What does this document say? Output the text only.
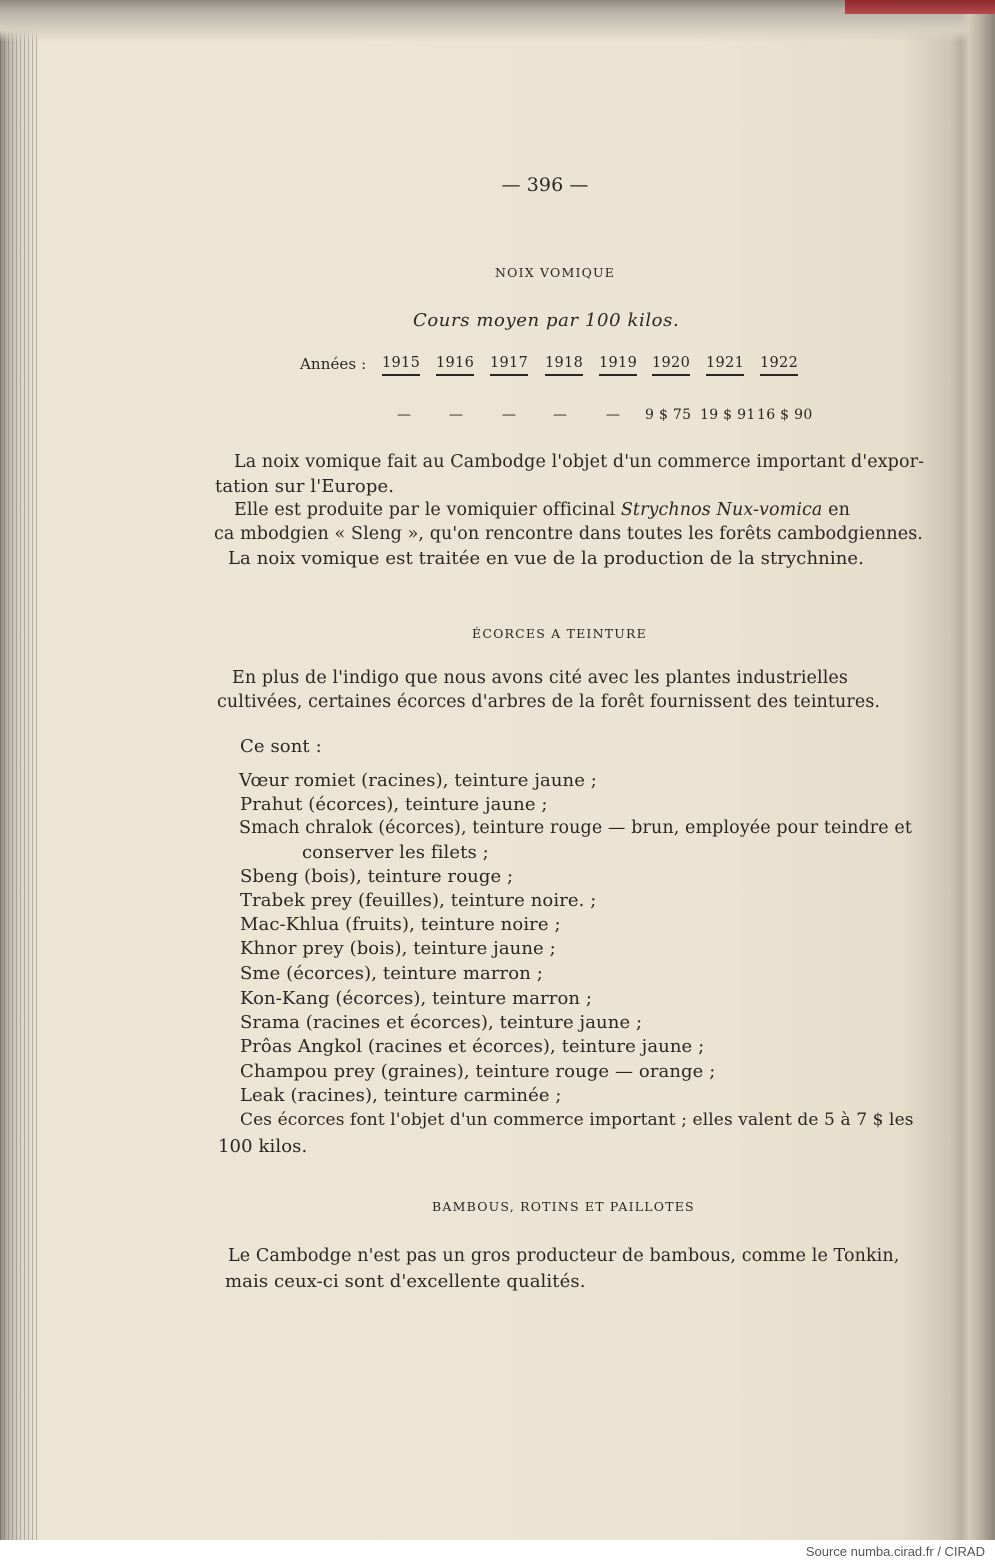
— 396 —
NOIX VOMIQUE
Cours moyen par 100 kilos.
Années : 1915 1916 1917 1918 1919 1920 1921 1922
—	—	—	—	— 9 $ 75 19 $ 91 16 $ 90
La noix vomique fait au Cambodge l'objet d'un commerce important d'expor-
tation sur l'Europe.
Elle est produite par le vomiquier officinal Strychnos Nux-vomica en
ca mbodgien « Sleng », qu'on rencontre dans toutes les forêts cambodgiennes.
La noix vomique est traitée en vue de la production de la strychnine.
ÉCORCES A TEINTURE
En plus de l'indigo que nous avons cité avec les plantes industrielles
cultivées, certaines écorces d'arbres de la forêt fournissent des teintures.
Ce sont :
Vœur romiet (racines), teinture jaune ;
Prahut (écorces), teinture jaune ;
Smach chralok (écorces), teinture rouge — brun, employée pour teindre et
conserver les filets ;
Sbeng (bois), teinture rouge ;
Trabek prey (feuilles), teinture noire. ;
Mac-Khlua (fruits), teinture noire ;
Khnor prey (bois), teinture jaune ;
Sme (écorces), teinture marron ;
Kon-Kang (écorces), teinture marron ;
Srama (racines et écorces), teinture jaune ;
Prôas Angkol (racines et écorces), teinture jaune ;
Champou prey (graines), teinture rouge — orange ;
Leak (racines), teinture carminée ;
Ces écorces font l'objet d'un commerce important ; elles valent de 5 à 7 $ les
100 kilos.
BAMBOUS, ROTINS ET PAILLOTES
Le Cambodge n'est pas un gros producteur de bambous, comme le Tonkin,
mais ceux-ci sont d'excellente qualités.
Source numba.cirad.fr / CIRAD
